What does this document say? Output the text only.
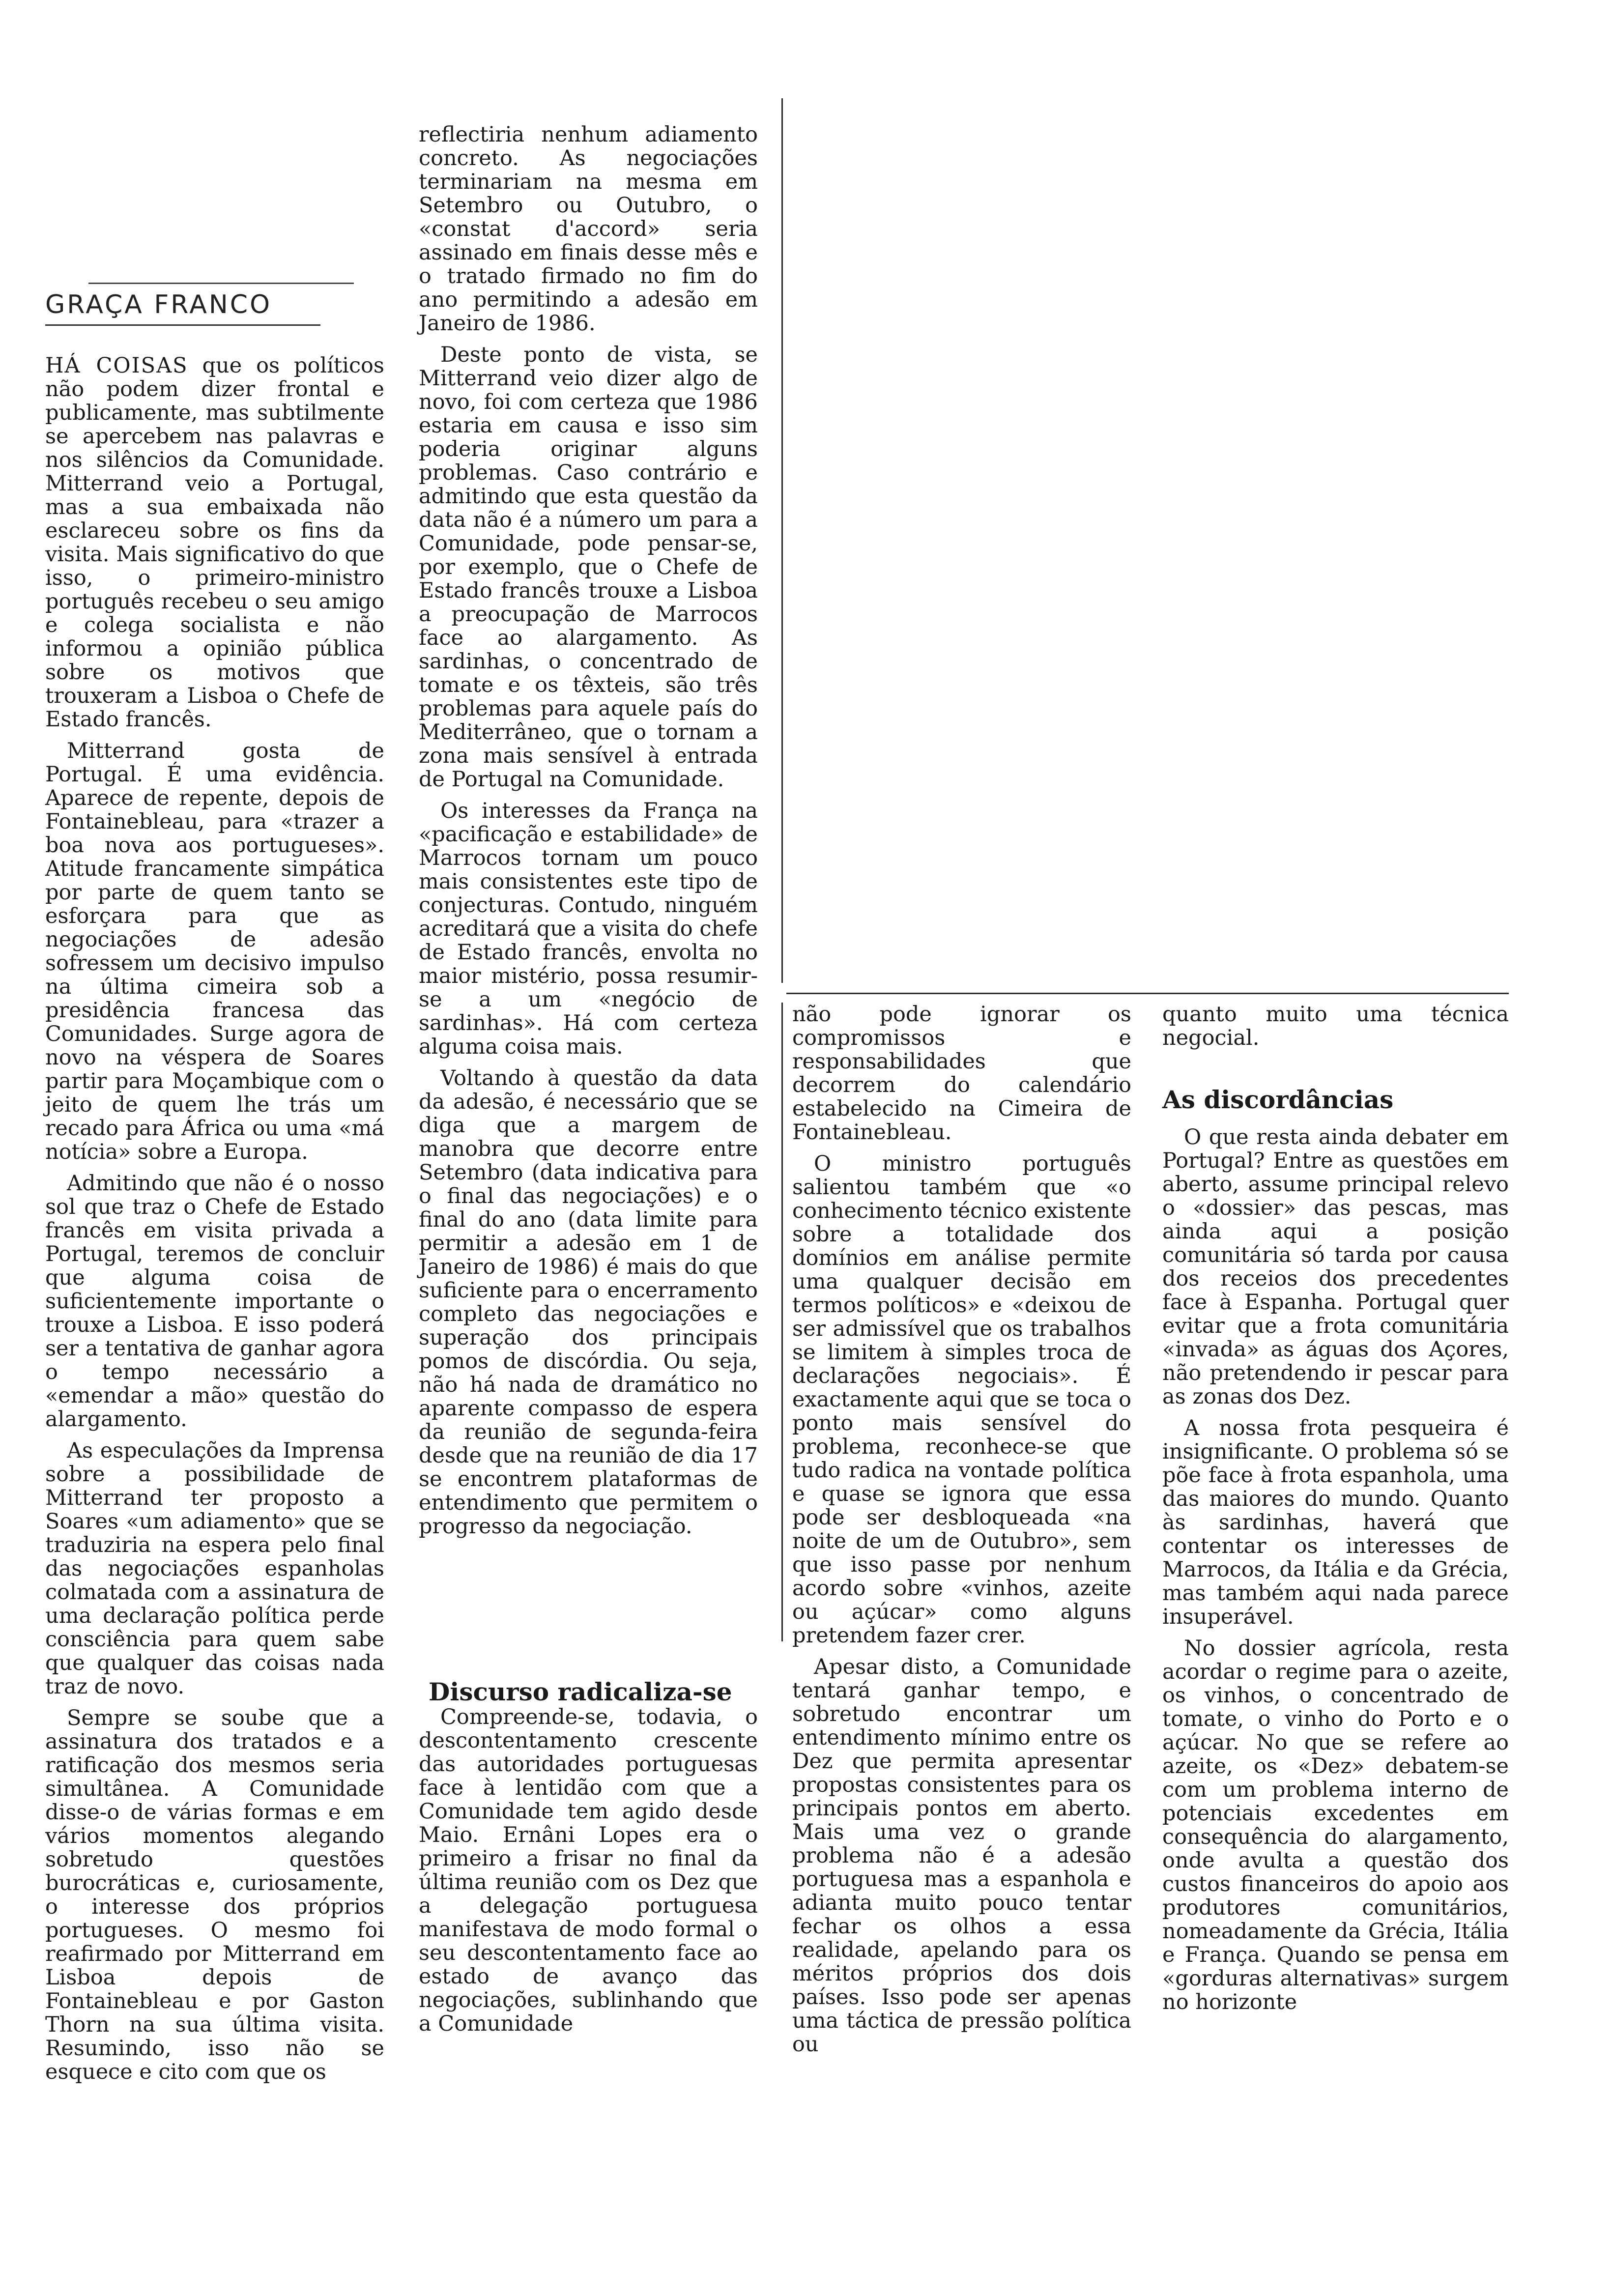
GRAÇA FRANCO

HÁ COISAS que os políticos não podem dizer frontal e publicamente, mas subtilmente se apercebem nas palavras e nos silêncios da Comunidade. Mitterrand veio a Portugal, mas a sua embaixada não esclareceu sobre os fins da visita. Mais significativo do que isso, o primeiro-ministro português recebeu o seu amigo e colega socialista e não informou a opinião pública sobre os motivos que trouxeram a Lisboa o Chefe de Estado francês.

Mitterrand gosta de Portugal. É uma evidência. Aparece de repente, depois de Fontainebleau, para «trazer a boa nova aos portugueses». Atitude francamente simpática por parte de quem tanto se esforçara para que as negociações de adesão sofressem um decisivo impulso na última cimeira sob a presidência francesa das Comunidades. Surge agora de novo na véspera de Soares partir para Moçambique com o jeito de quem lhe trás um recado para África ou uma «má notícia» sobre a Europa.

Admitindo que não é o nosso sol que traz o Chefe de Estado francês em visita privada a Portugal, teremos de concluir que alguma coisa de suficientemente importante o trouxe a Lisboa. E isso poderá ser a tentativa de ganhar agora o tempo necessário a «emendar a mão» questão do alargamento.

As especulações da Imprensa sobre a possibilidade de Mitterrand ter proposto a Soares «um adiamento» que se traduziria na espera pelo final das negociações espanholas colmatada com a assinatura de uma declaração política perde consciência para quem sabe que qualquer das coisas nada traz de novo.

Sempre se soube que a assinatura dos tratados e a ratificação dos mesmos seria simultânea. A Comunidade disse-o de várias formas e em vários momentos alegando sobretudo questões burocráticas e, curiosamente, o interesse dos próprios portugueses. O mesmo foi reafirmado por Mitterrand em Lisboa depois de Fontainebleau e por Gaston Thorn na sua última visita. Resumindo, isso não se esquece e cito com que os

reflectiria nenhum adiamento concreto. As negociações terminariam na mesma em Setembro ou Outubro, o «constat d'accord» seria assinado em finais desse mês e o tratado firmado no fim do ano permitindo a adesão em Janeiro de 1986.

Deste ponto de vista, se Mitterrand veio dizer algo de novo, foi com certeza que 1986 estaria em causa e isso sim poderia originar alguns problemas. Caso contrário e admitindo que esta questão da data não é a número um para a Comunidade, pode pensar-se, por exemplo, que o Chefe de Estado francês trouxe a Lisboa a preocupação de Marrocos face ao alargamento. As sardinhas, o concentrado de tomate e os têxteis, são três problemas para aquele país do Mediterrâneo, que o tornam a zona mais sensível à entrada de Portugal na Comunidade.

Os interesses da França na «pacificação e estabilidade» de Marrocos tornam um pouco mais consistentes este tipo de conjecturas. Contudo, ninguém acreditará que a visita do chefe de Estado francês, envolta no maior mistério, possa resumir-se a um «negócio de sardinhas». Há com certeza alguma coisa mais.

Voltando à questão da data da adesão, é necessário que se diga que a margem de manobra que decorre entre Setembro (data indicativa para o final das negociações) e o final do ano (data limite para permitir a adesão em 1 de Janeiro de 1986) é mais do que suficiente para o encerramento completo das negociações e superação dos principais pomos de discórdia. Ou seja, não há nada de dramático no aparente compasso de espera da reunião de segunda-feira desde que na reunião de dia 17 se encontrem plataformas de entendimento que permitem o progresso da negociação.

Discurso radicaliza-se

Compreende-se, todavia, o descontentamento crescente das autoridades portuguesas face à lentidão com que a Comunidade tem agido desde Maio. Ernâni Lopes era o primeiro a frisar no final da última reunião com os Dez que a delegação portuguesa manifestava de modo formal o seu descontentamento face ao estado de avanço das negociações, sublinhando que a Comunidade

não pode ignorar os compromissos e responsabilidades que decorrem do calendário estabelecido na Cimeira de Fontainebleau.

O ministro português salientou também que «o conhecimento técnico existente sobre a totalidade dos domínios em análise permite uma qualquer decisão em termos políticos» e «deixou de ser admissível que os trabalhos se limitem à simples troca de declarações negociais». É exactamente aqui que se toca o ponto mais sensível do problema, reconhece-se que tudo radica na vontade política e quase se ignora que essa pode ser desbloqueada «na noite de um de Outubro», sem que isso passe por nenhum acordo sobre «vinhos, azeite ou açúcar» como alguns pretendem fazer crer.

Apesar disto, a Comunidade tentará ganhar tempo, e sobretudo encontrar um entendimento mínimo entre os Dez que permita apresentar propostas consistentes para os principais pontos em aberto. Mais uma vez o grande problema não é a adesão portuguesa mas a espanhola e adianta muito pouco tentar fechar os olhos a essa realidade, apelando para os méritos próprios dos dois países. Isso pode ser apenas uma táctica de pressão política ou

quanto muito uma técnica negocial.

As discordâncias

O que resta ainda debater em Portugal? Entre as questões em aberto, assume principal relevo o «dossier» das pescas, mas ainda aqui a posição comunitária só tarda por causa dos receios dos precedentes face à Espanha. Portugal quer evitar que a frota comunitária «invada» as águas dos Açores, não pretendendo ir pescar para as zonas dos Dez.

A nossa frota pesqueira é insignificante. O problema só se põe face à frota espanhola, uma das maiores do mundo. Quanto às sardinhas, haverá que contentar os interesses de Marrocos, da Itália e da Grécia, mas também aqui nada parece insuperável.

No dossier agrícola, resta acordar o regime para o azeite, os vinhos, o concentrado de tomate, o vinho do Porto e o açúcar. No que se refere ao azeite, os «Dez» debatem-se com um problema interno de potenciais excedentes em consequência do alargamento, onde avulta a questão dos custos financeiros do apoio aos produtores comunitários, nomeadamente da Grécia, Itália e França. Quando se pensa em «gorduras alternativas» surgem no horizonte
